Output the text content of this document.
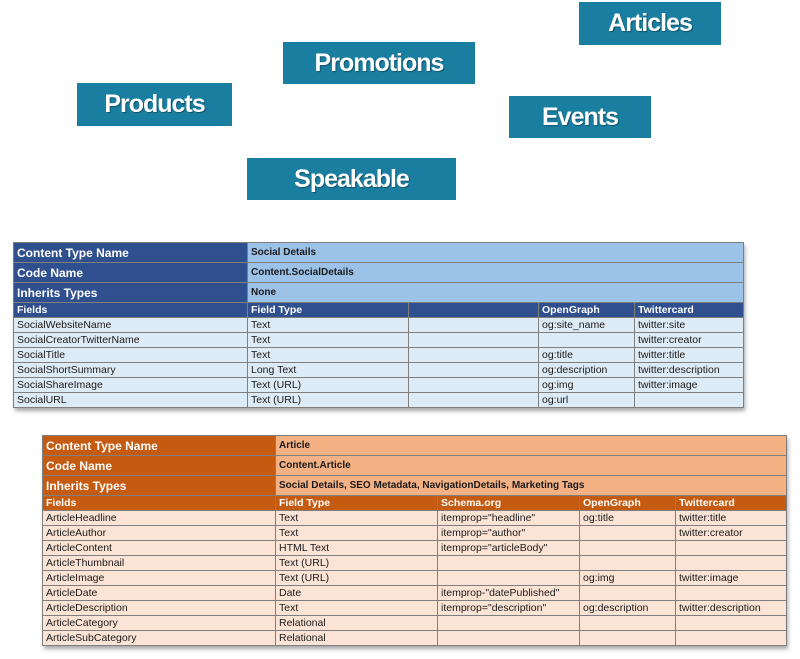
Articles
Promotions
Products	Events
Speakable
Content Type Name	Social Details			
Code Name	Content.SocialDetails			
Inherits Types	None			
Fields	Field Type		OpenGraph	Twittercard
SocialWebsiteName	Text		og:site_name	twitter:site
SocialCreatorTwitterName	Text			twitter:creator
SocialTitle	Text		og:title	twitter:title
SocialShortSummary	Long Text		og:description	twitter:description
SocialShareImage	Text (URL)		og:img	twitter:image
SocialURL	Text (URL)		og:url	
Content Type Name	Article			
Code Name	Content.Article			
Inherits Types	Social Details, SEO Metadata, NavigationDetails, Marketing Tags			
Fields	Field Type	Schema.org	OpenGraph	Twittercard
ArticleHeadline	Text	itemprop="headline"	og:title	twitter:title
ArticleAuthor	Text	itemprop="author"		twitter:creator
ArticleContent	HTML Text	itemprop="articleBody"		
ArticleThumbnail	Text (URL)			
ArticleImage	Text (URL)		og:img	twitter:image
ArticleDate	Date	itemprop-"datePublished"		
ArticleDescription	Text	itemprop="description"	og:description	twitter:description
ArticleCategory	Relational			
ArticleSubCategory	Relational			
